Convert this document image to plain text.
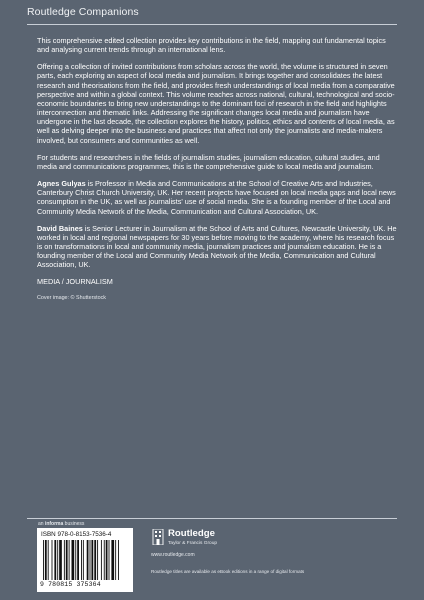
Routledge Companions

This comprehensive edited collection provides key contributions in the field, mapping out fundamental topics and analysing current trends through an international lens.

Offering a collection of invited contributions from scholars across the world, the volume is structured in seven parts, each exploring an aspect of local media and journalism. It brings together and consolidates the latest research and theorisations from the field, and provides fresh understandings of local media from a comparative perspective and within a global context. This volume reaches across national, cultural, technological and socio-economic boundaries to bring new understandings to the dominant foci of research in the field and highlights interconnection and thematic links. Addressing the significant changes local media and journalism have undergone in the last decade, the collection explores the history, politics, ethics and contents of local media, as well as delving deeper into the business and practices that affect not only the journalists and media-makers involved, but consumers and communities as well.

For students and researchers in the fields of journalism studies, journalism education, cultural studies, and media and communications programmes, this is the comprehensive guide to local media and journalism.

Agnes Gulyas is Professor in Media and Communications at the School of Creative Arts and Industries, Canterbury Christ Church University, UK. Her recent projects have focused on local media gaps and local news consumption in the UK, as well as journalists' use of social media. She is a founding member of the Local and Community Media Network of the Media, Communication and Cultural Association, UK.

David Baines is Senior Lecturer in Journalism at the School of Arts and Cultures, Newcastle University, UK. He worked in local and regional newspapers for 30 years before moving to the academy, where his research focus is on transformations in local and community media, journalism practices and journalism education. He is a founding member of the Local and Community Media Network of the Media, Communication and Cultural Association, UK.

MEDIA / JOURNALISM

Cover image: © Shutterstock

an informa business
ISBN 978-0-8153-7536-4
9 780815 375364
Routledge
Taylor & Francis Group
www.routledge.com
Routledge titles are available as eBook editions in a range of digital formats
